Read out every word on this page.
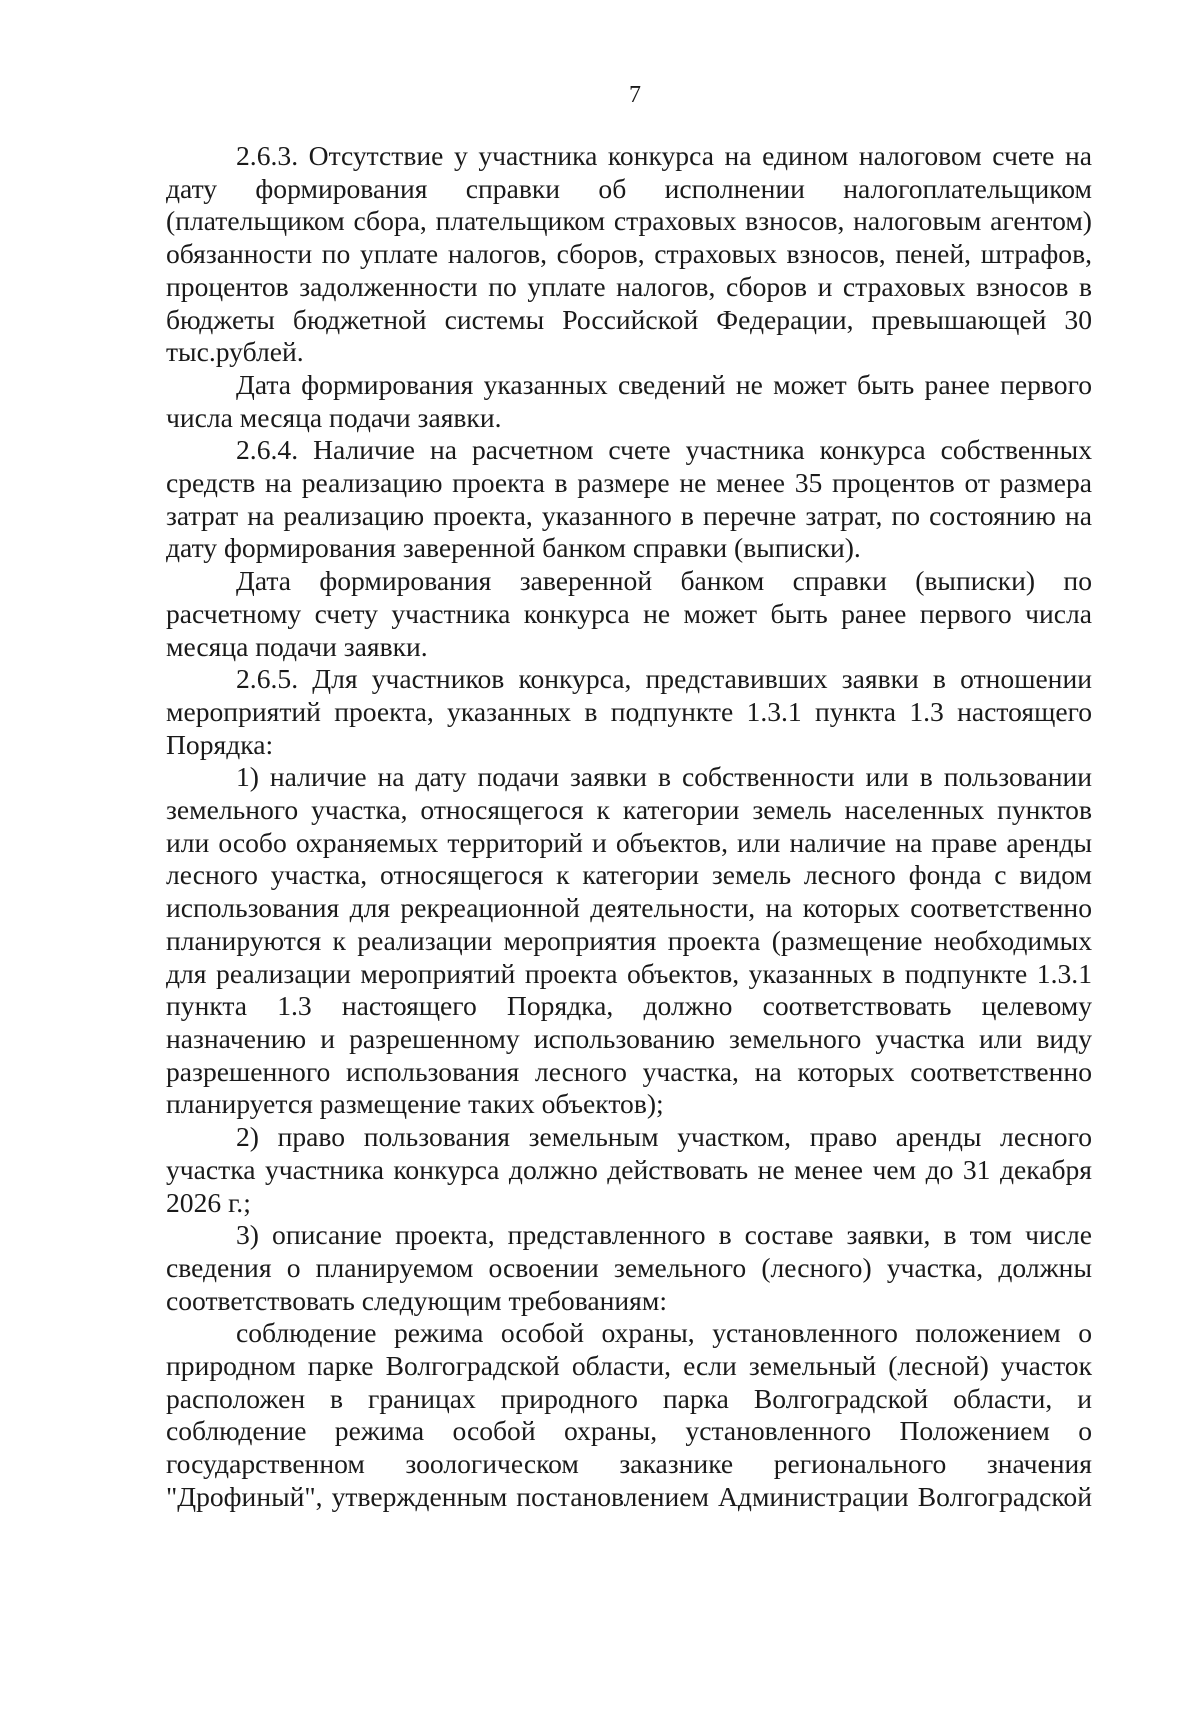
7

2.6.3. Отсутствие у участника конкурса на едином налоговом счете на дату формирования справки об исполнении налогоплательщиком (плательщиком сбора, плательщиком страховых взносов, налоговым агентом) обязанности по уплате налогов, сборов, страховых взносов, пеней, штрафов, процентов задолженности по уплате налогов, сборов и страховых взносов в бюджеты бюджетной системы Российской Федерации, превышающей 30 тыс.рублей.

Дата формирования указанных сведений не может быть ранее первого числа месяца подачи заявки.

2.6.4. Наличие на расчетном счете участника конкурса собственных средств на реализацию проекта в размере не менее 35 процентов от размера затрат на реализацию проекта, указанного в перечне затрат, по состоянию на дату формирования заверенной банком справки (выписки).

Дата формирования заверенной банком справки (выписки) по расчетному счету участника конкурса не может быть ранее первого числа месяца подачи заявки.

2.6.5. Для участников конкурса, представивших заявки в отношении мероприятий проекта, указанных в подпункте 1.3.1 пункта 1.3 настоящего Порядка:

1) наличие на дату подачи заявки в собственности или в пользовании земельного участка, относящегося к категории земель населенных пунктов или особо охраняемых территорий и объектов, или наличие на праве аренды лесного участка, относящегося к категории земель лесного фонда с видом использования для рекреационной деятельности, на которых соответственно планируются к реализации мероприятия проекта (размещение необходимых для реализации мероприятий проекта объектов, указанных в подпункте 1.3.1 пункта 1.3 настоящего Порядка, должно соответствовать целевому назначению и разрешенному использованию земельного участка или виду разрешенного использования лесного участка, на которых соответственно планируется размещение таких объектов);

2) право пользования земельным участком, право аренды лесного участка участника конкурса должно действовать не менее чем до 31 декабря 2026 г.;

3) описание проекта, представленного в составе заявки, в том числе сведения о планируемом освоении земельного (лесного) участка, должны соответствовать следующим требованиям:

соблюдение режима особой охраны, установленного положением о природном парке Волгоградской области, если земельный (лесной) участок расположен в границах природного парка Волгоградской области, и соблюдение режима особой охраны, установленного Положением о государственном зоологическом заказнике регионального значения "Дрофиный", утвержденным постановлением Администрации Волгоградской
